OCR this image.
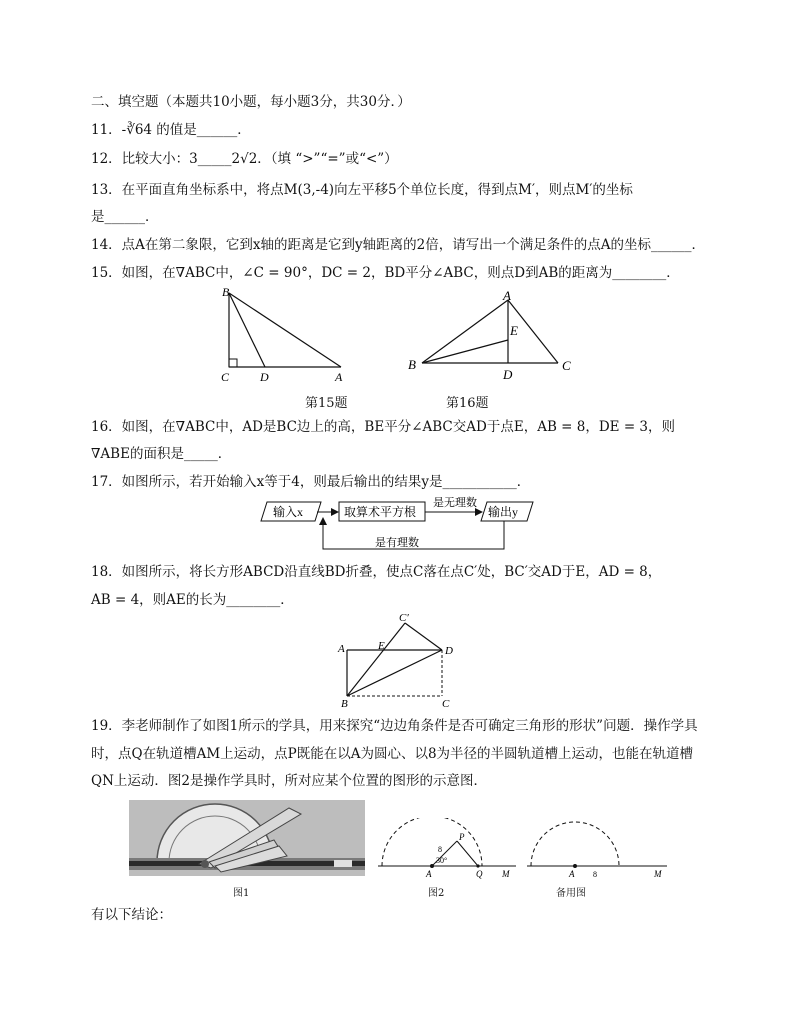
二、填空题（本题共10小题，每小题3分，共30分．）
11．-∛64 的值是______．
12．比较大小：3_____2√2．（填 “>”“=”或“<”）
13．在平面直角坐标系中，将点M(3,-4)向左平移5个单位长度，得到点M′，则点M′的坐标
是______．
14．点A在第二象限，它到x轴的距离是它到y轴距离的2倍，请写出一个满足条件的点A的坐标______．
15．如图，在∇ABC中，∠C = 90°，DC = 2，BD平分∠ABC，则点D到AB的距离为________．
B
C	D	A
第15题
A
E
B
D
C
第16题
16．如图，在∇ABC中，AD是BC边上的高，BE平分∠ABC交AD于点E，AB = 8，DE = 3，则
∇ABE的面积是_____．
17．如图所示，若开始输入x等于4，则最后输出的结果y是___________．
输入x	取算术平方根	输出y
是无理数
是有理数
18．如图所示，将长方形ABCD沿直线BD折叠，使点C落在点C′处，BC′交AD于E，AD = 8，
AB = 4，则AE的长为________．
C′
A	E	D
B	C
19．李老师制作了如图1所示的学具，用来探究“边边角条件是否可确定三角形的形状”问题．操作学具
时，点Q在轨道槽AM上运动，点P既能在以A为圆心、以8为半径的半圆轨道槽上运动，也能在轨道槽
QN上运动．图2是操作学具时，所对应某个位置的图形的示意图．
P
8
30°
A	Q M	A 8	M
图1	图2	备用图
有以下结论：
